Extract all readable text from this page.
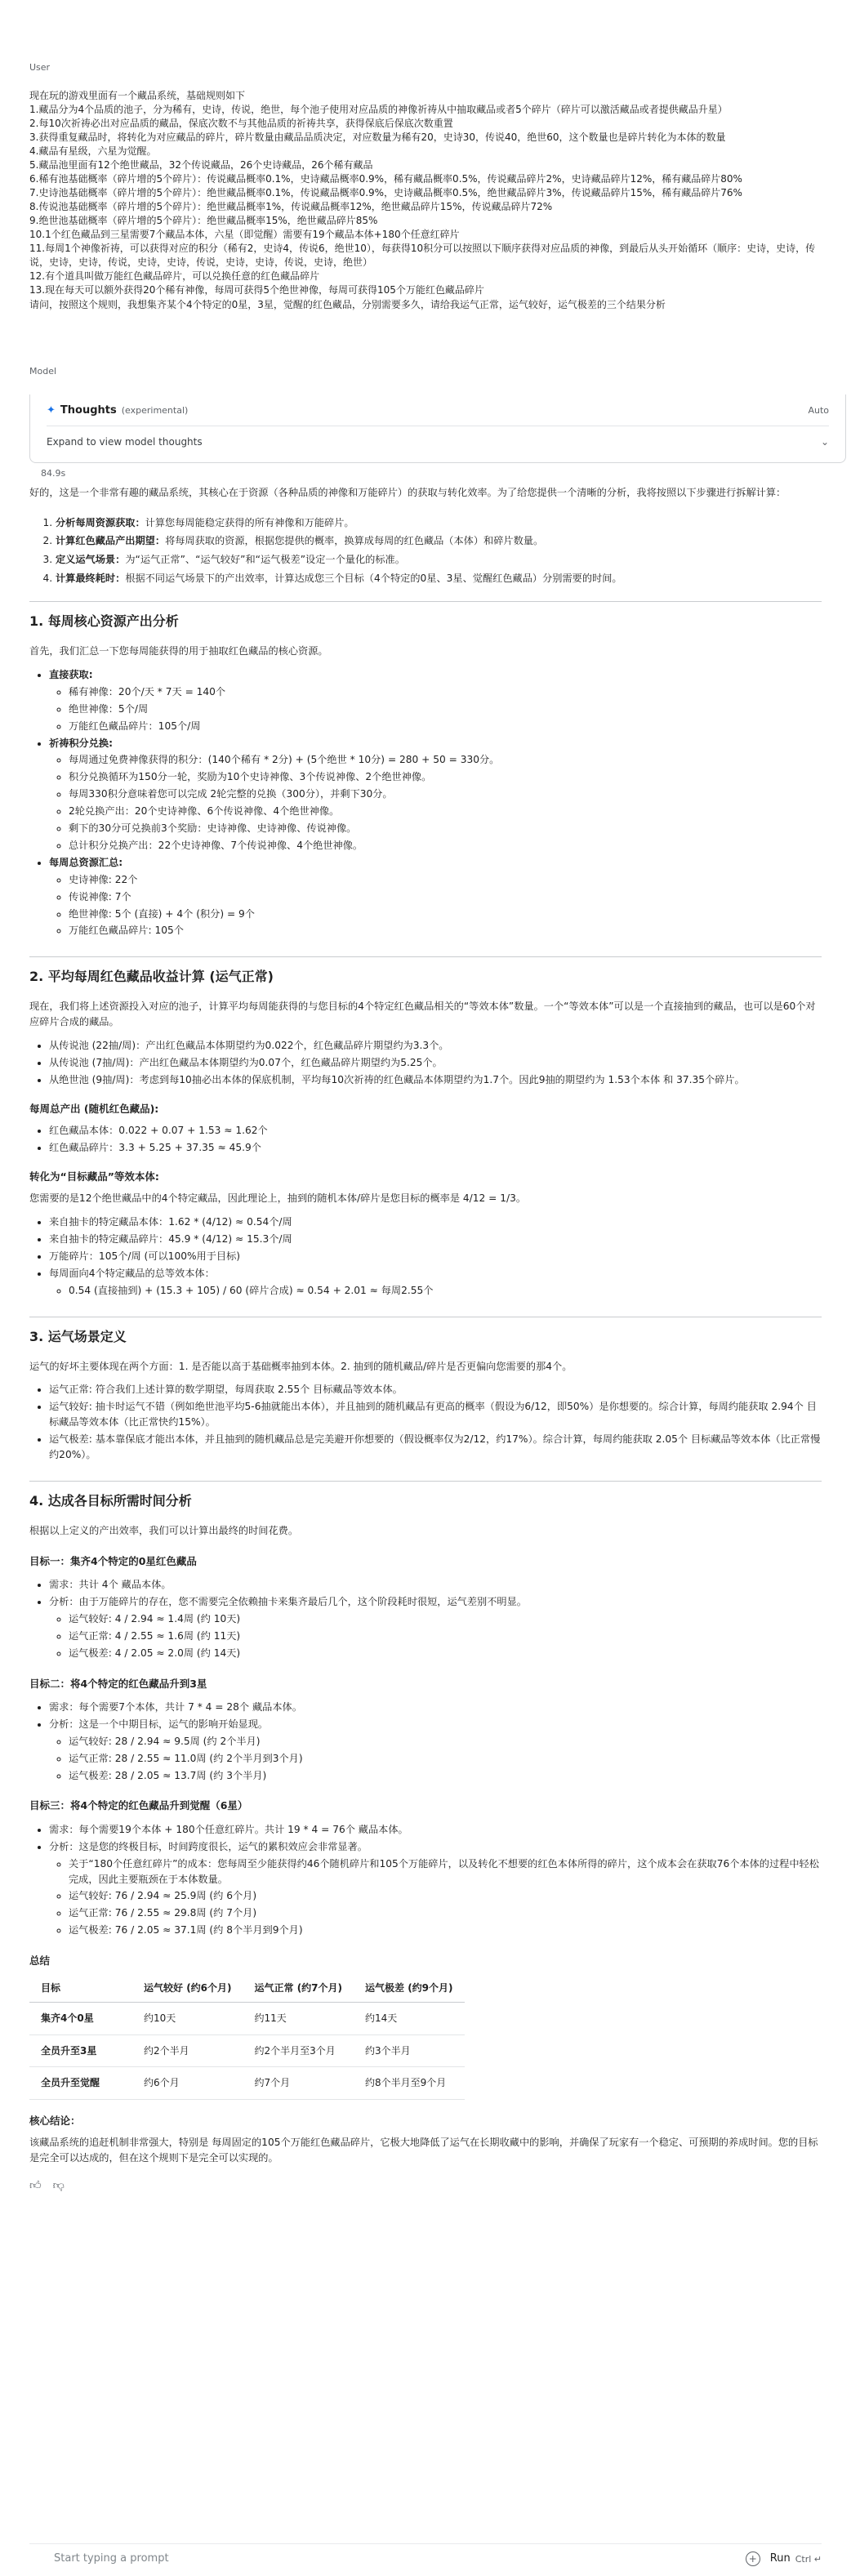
User

现在玩的游戏里面有一个藏品系统，基础规则如下

1.藏品分为4个品质的池子，分为稀有，史诗，传说，绝世，每个池子使用对应品质的神像祈祷从中抽取藏品或者5个碎片（碎片可以激活藏品或者提供藏品升星）

2.每10次祈祷必出对应品质的藏品，保底次数不与其他品质的祈祷共享，获得保底后保底次数重置

3.获得重复藏品时，将转化为对应藏品的碎片，碎片数量由藏品品质决定，对应数量为稀有20，史诗30，传说40，绝世60，这个数量也是碎片转化为本体的数量

4.藏品有星级，六星为觉醒。

5.藏品池里面有12个绝世藏品，32个传说藏品，26个史诗藏品，26个稀有藏品

6.稀有池基础概率（碎片增的5个碎片）：传说藏品概率0.1%，史诗藏品概率0.9%，稀有藏品概率0.5%，传说藏品碎片2%，史诗藏品碎片12%，稀有藏品碎片80%

7.史诗池基础概率（碎片增的5个碎片）：绝世藏品概率0.1%，传说藏品概率0.9%，史诗藏品概率0.5%，绝世藏品碎片3%，传说藏品碎片15%，稀有藏品碎片76%

8.传说池基础概率（碎片增的5个碎片）：绝世藏品概率1%，传说藏品概率12%，绝世藏品碎片15%，传说藏品碎片72%

9.绝世池基础概率（碎片增的5个碎片）：绝世藏品概率15%，绝世藏品碎片85%

10.1个红色藏品到三星需要7个藏品本体，六星（即觉醒）需要有19个藏品本体+180个任意红碎片

11.每周1个神像祈祷，可以获得对应的积分（稀有2，史诗4，传说6，绝世10），每获得10积分可以按照以下顺序获得对应品质的神像，到最后从头开始循环（顺序：史诗，史诗，传说，史诗，史诗，传说，史诗，史诗，传说，史诗，史诗，传说，史诗，绝世）

12.有个道具叫做万能红色藏品碎片，可以兑换任意的红色藏品碎片

13.现在每天可以额外获得20个稀有神像，每周可获得5个绝世神像，每周可获得105个万能红色藏品碎片

请问，按照这个规则，我想集齐某个4个特定的0星，3星，觉醒的红色藏品，分别需要多久，请给我运气正常，运气较好，运气极差的三个结果分析

Model
✦ Thoughts (experimental)	Auto
Expand to view model thoughts	⌄
84.9s

好的，这是一个非常有趣的藏品系统，其核心在于资源（各种品质的神像和万能碎片）的获取与转化效率。为了给您提供一个清晰的分析，我将按照以下步骤进行拆解计算：

1. 分析每周资源获取：计算您每周能稳定获得的所有神像和万能碎片。
2. 计算红色藏品产出期望：将每周获取的资源，根据您提供的概率，换算成每周的红色藏品（本体）和碎片数量。
3. 定义运气场景：为“运气正常”、“运气较好”和“运气极差”设定一个量化的标准。
4. 计算最终耗时：根据不同运气场景下的产出效率，计算达成您三个目标（4个特定的0星、3星、觉醒红色藏品）分别需要的时间。
1. 每周核心资源产出分析

首先，我们汇总一下您每周能获得的用于抽取红色藏品的核心资源。

• 直接获取:
◦ 稀有神像：20个/天 * 7天 = 140个
◦ 绝世神像：5个/周
◦ 万能红色藏品碎片：105个/周
• 祈祷积分兑换:
◦ 每周通过免费神像获得的积分：(140个稀有 * 2分) + (5个绝世 * 10分) = 280 + 50 = 330分。
◦ 积分兑换循环为150分一轮，奖励为10个史诗神像、3个传说神像、2个绝世神像。
◦ 每周330积分意味着您可以完成 2轮完整的兑换（300分），并剩下30分。
◦ 2轮兑换产出：20个史诗神像、6个传说神像、4个绝世神像。
◦ 剩下的30分可兑换前3个奖励：史诗神像、史诗神像、传说神像。
◦ 总计积分兑换产出：22个史诗神像、7个传说神像、4个绝世神像。
• 每周总资源汇总:
◦ 史诗神像: 22个
◦ 传说神像: 7个
◦ 绝世神像: 5个 (直接) + 4个 (积分) = 9个
◦ 万能红色藏品碎片: 105个
2. 平均每周红色藏品收益计算 (运气正常)

现在，我们将上述资源投入对应的池子，计算平均每周能获得的与您目标的4个特定红色藏品相关的“等效本体”数量。一个“等效本体”可以是一个直接抽到的藏品，也可以是60个对应碎片合成的藏品。

• 从传说池 (22抽/周)：产出红色藏品本体期望约为0.022个，红色藏品碎片期望约为3.3个。
• 从传说池 (7抽/周)：产出红色藏品本体期望约为0.07个，红色藏品碎片期望约为5.25个。
• 从绝世池 (9抽/周)：考虑到每10抽必出本体的保底机制，平均每10次祈祷的红色藏品本体期望约为1.7个。因此9抽的期望约为 1.53个本体 和 37.35个碎片。
每周总产出 (随机红色藏品):
• 红色藏品本体：0.022 + 0.07 + 1.53 ≈ 1.62个
• 红色藏品碎片：3.3 + 5.25 + 37.35 ≈ 45.9个
转化为“目标藏品”等效本体:

您需要的是12个绝世藏品中的4个特定藏品，因此理论上，抽到的随机本体/碎片是您目标的概率是 4/12 = 1/3。

• 来自抽卡的特定藏品本体：1.62 * (4/12) ≈ 0.54个/周
• 来自抽卡的特定藏品碎片：45.9 * (4/12) ≈ 15.3个/周
• 万能碎片：105个/周 (可以100%用于目标)
• 每周面向4个特定藏品的总等效本体：
◦ 0.54 (直接抽到) + (15.3 + 105) / 60 (碎片合成) ≈ 0.54 + 2.01 ≈ 每周2.55个
3. 运气场景定义

运气的好坏主要体现在两个方面：1. 是否能以高于基础概率抽到本体。2. 抽到的随机藏品/碎片是否更偏向您需要的那4个。

• 运气正常: 符合我们上述计算的数学期望，每周获取 2.55个 目标藏品等效本体。
• 运气较好: 抽卡时运气不错（例如绝世池平均5-6抽就能出本体），并且抽到的随机藏品有更高的概率（假设为6/12，即50%）是你想要的。综合计算，每周约能获取 2.94个 目标藏品等效本体（比正常快约15%）。
• 运气极差: 基本靠保底才能出本体，并且抽到的随机藏品总是完美避开你想要的（假设概率仅为2/12，约17%）。综合计算，每周约能获取 2.05个 目标藏品等效本体（比正常慢约20%）。
4. 达成各目标所需时间分析

根据以上定义的产出效率，我们可以计算出最终的时间花费。

目标一：集齐4个特定的0星红色藏品
• 需求：共计 4个 藏品本体。
• 分析：由于万能碎片的存在，您不需要完全依赖抽卡来集齐最后几个，这个阶段耗时很短，运气差别不明显。
◦ 运气较好: 4 / 2.94 ≈ 1.4周 (约 10天)
◦ 运气正常: 4 / 2.55 ≈ 1.6周 (约 11天)
◦ 运气极差: 4 / 2.05 ≈ 2.0周 (约 14天)
目标二：将4个特定的红色藏品升到3星
• 需求：每个需要7个本体，共计 7 * 4 = 28个 藏品本体。
• 分析：这是一个中期目标，运气的影响开始显现。
◦ 运气较好: 28 / 2.94 ≈ 9.5周 (约 2个半月)
◦ 运气正常: 28 / 2.55 ≈ 11.0周 (约 2个半月到3个月)
◦ 运气极差: 28 / 2.05 ≈ 13.7周 (约 3个半月)
目标三：将4个特定的红色藏品升到觉醒（6星）
• 需求：每个需要19个本体 + 180个任意红碎片。共计 19 * 4 = 76个 藏品本体。
• 分析：这是您的终极目标，时间跨度很长，运气的累积效应会非常显著。
◦ 关于“180个任意红碎片”的成本：您每周至少能获得约46个随机碎片和105个万能碎片，以及转化不想要的红色本体所得的碎片，这个成本会在获取76个本体的过程中轻松完成，因此主要瓶颈在于本体数量。
◦ 运气较好: 76 / 2.94 ≈ 25.9周 (约 6个月)
◦ 运气正常: 76 / 2.55 ≈ 29.8周 (约 7个月)
◦ 运气极差: 76 / 2.05 ≈ 37.1周 (约 8个半月到9个月)
总结
目标	运气较好 (约6个月)	运气正常 (约7个月)	运气极差 (约9个月)
集齐4个0星	约10天	约11天	约14天
全员升至3星	约2个半月	约2个半月至3个月	约3个半月
全员升至觉醒	约6个月	约7个月	约8个半月至9个月
核心结论：

该藏品系统的追赶机制非常强大，特别是 每周固定的105个万能红色藏品碎片，它极大地降低了运气在长期收藏中的影响，并确保了玩家有一个稳定、可预期的养成时间。您的目标是完全可以达成的，但在这个规则下是完全可以实现的。

👍︎ 👎︎
Start typing a prompt	+	Run Ctrl ↵
